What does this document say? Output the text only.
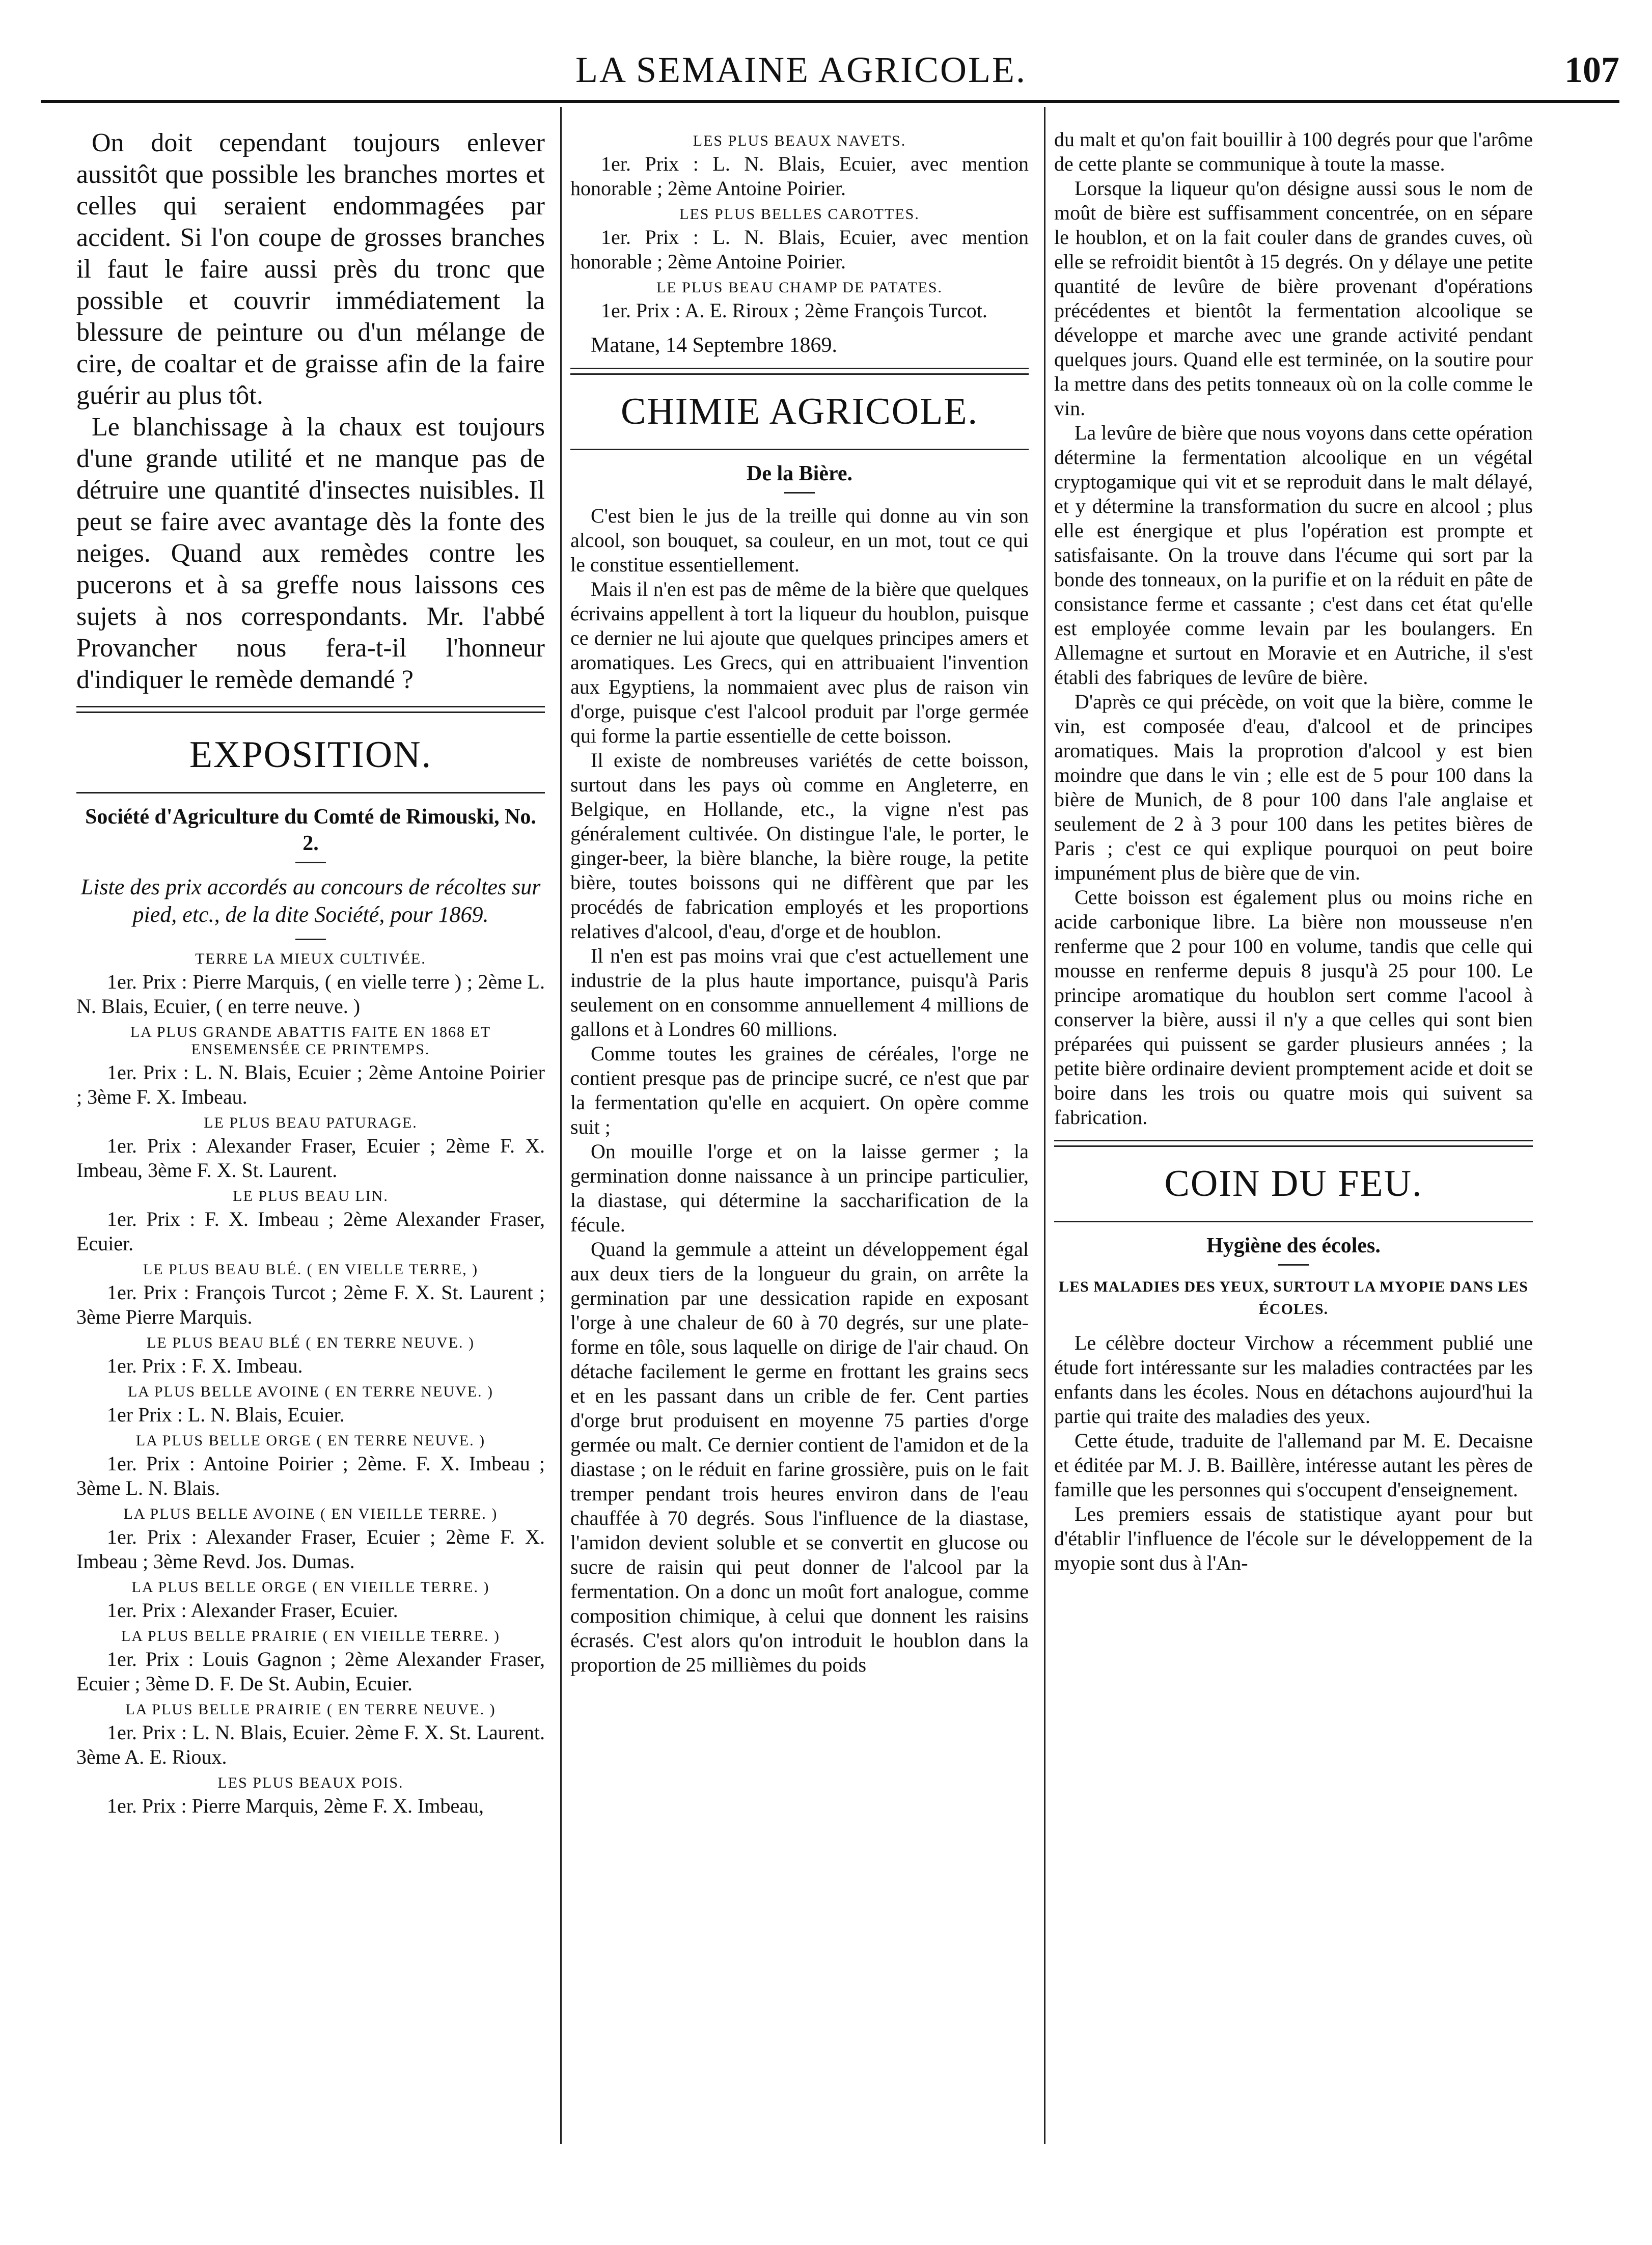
LA SEMAINE AGRICOLE.	107

On doit cependant toujours enlever aussitôt que possible les branches mortes et celles qui seraient endommagées par accident. Si l'on coupe de grosses branches il faut le faire aussi près du tronc que possible et couvrir immédiatement la blessure de peinture ou d'un mélange de cire, de coaltar et de graisse afin de la faire guérir au plus tôt.

Le blanchissage à la chaux est toujours d'une grande utilité et ne manque pas de détruire une quantité d'insectes nuisibles. Il peut se faire avec avantage dès la fonte des neiges. Quand aux remèdes contre les pucerons et à sa greffe nous laissons ces sujets à nos correspondants. Mr. l'abbé Provancher nous fera-t-il l'honneur d'indiquer le remède demandé ?

EXPOSITION.
Société d'Agriculture du Comté de Rimouski, No. 2.
Liste des prix accordés au concours de récoltes sur pied, etc., de la dite Société, pour 1869.
TERRE LA MIEUX CULTIVÉE.

1er. Prix : Pierre Marquis, ( en vielle terre ) ; 2ème L. N. Blais, Ecuier, ( en terre neuve. )

LA PLUS GRANDE ABATTIS FAITE EN 1868 ET ENSEMENSÉE CE PRINTEMPS.

1er. Prix : L. N. Blais, Ecuier ; 2ème Antoine Poirier ; 3ème F. X. Imbeau.

LE PLUS BEAU PATURAGE.

1er. Prix : Alexander Fraser, Ecuier ; 2ème F. X. Imbeau, 3ème F. X. St. Laurent.

LE PLUS BEAU LIN.

1er. Prix : F. X. Imbeau ; 2ème Alexander Fraser, Ecuier.

LE PLUS BEAU BLÉ. ( EN VIELLE TERRE, )

1er. Prix : François Turcot ; 2ème F. X. St. Laurent ; 3ème Pierre Marquis.

LE PLUS BEAU BLÉ ( EN TERRE NEUVE. )

1er. Prix : F. X. Imbeau.

LA PLUS BELLE AVOINE ( EN TERRE NEUVE. )

1er Prix : L. N. Blais, Ecuier.

LA PLUS BELLE ORGE ( EN TERRE NEUVE. )

1er. Prix : Antoine Poirier ; 2ème. F. X. Imbeau ; 3ème L. N. Blais.

LA PLUS BELLE AVOINE ( EN VIEILLE TERRE. )

1er. Prix : Alexander Fraser, Ecuier ; 2ème F. X. Imbeau ; 3ème Revd. Jos. Dumas.

LA PLUS BELLE ORGE ( EN VIEILLE TERRE. )

1er. Prix : Alexander Fraser, Ecuier.

LA PLUS BELLE PRAIRIE ( EN VIEILLE TERRE. )

1er. Prix : Louis Gagnon ; 2ème Alexander Fraser, Ecuier ; 3ème D. F. De St. Aubin, Ecuier.

LA PLUS BELLE PRAIRIE ( EN TERRE NEUVE. )

1er. Prix : L. N. Blais, Ecuier. 2ème F. X. St. Laurent. 3ème A. E. Rioux.

LES PLUS BEAUX POIS.

1er. Prix : Pierre Marquis, 2ème F. X. Imbeau,

LES PLUS BEAUX NAVETS.

1er. Prix : L. N. Blais, Ecuier, avec mention honorable ; 2ème Antoine Poirier.

LES PLUS BELLES CAROTTES.

1er. Prix : L. N. Blais, Ecuier, avec mention honorable ; 2ème Antoine Poirier.

LE PLUS BEAU CHAMP DE PATATES.

1er. Prix : A. E. Riroux ; 2ème François Turcot.

Matane, 14 Septembre 1869.
CHIMIE AGRICOLE.
De la Bière.

C'est bien le jus de la treille qui donne au vin son alcool, son bouquet, sa couleur, en un mot, tout ce qui le constitue essentiellement.

Mais il n'en est pas de même de la bière que quelques écrivains appellent à tort la liqueur du houblon, puisque ce dernier ne lui ajoute que quelques principes amers et aromatiques. Les Grecs, qui en attribuaient l'invention aux Egyptiens, la nommaient avec plus de raison vin d'orge, puisque c'est l'alcool produit par l'orge germée qui forme la partie essentielle de cette boisson.

Il existe de nombreuses variétés de cette boisson, surtout dans les pays où comme en Angleterre, en Belgique, en Hollande, etc., la vigne n'est pas généralement cultivée. On distingue l'ale, le porter, le ginger-beer, la bière blanche, la bière rouge, la petite bière, toutes boissons qui ne diffèrent que par les procédés de fabrication employés et les proportions relatives d'alcool, d'eau, d'orge et de houblon.

Il n'en est pas moins vrai que c'est actuellement une industrie de la plus haute importance, puisqu'à Paris seulement on en consomme annuellement 4 millions de gallons et à Londres 60 millions.

Comme toutes les graines de céréales, l'orge ne contient presque pas de principe sucré, ce n'est que par la fermentation qu'elle en acquiert. On opère comme suit ;

On mouille l'orge et on la laisse germer ; la germination donne naissance à un principe particulier, la diastase, qui détermine la saccharification de la fécule.

Quand la gemmule a atteint un développement égal aux deux tiers de la longueur du grain, on arrête la germination par une dessication rapide en exposant l'orge à une chaleur de 60 à 70 degrés, sur une plate-forme en tôle, sous laquelle on dirige de l'air chaud. On détache facilement le germe en frottant les grains secs et en les passant dans un crible de fer. Cent parties d'orge brut produisent en moyenne 75 parties d'orge germée ou malt. Ce dernier contient de l'amidon et de la diastase ; on le réduit en farine grossière, puis on le fait tremper pendant trois heures environ dans de l'eau chauffée à 70 degrés. Sous l'influence de la diastase, l'amidon devient soluble et se convertit en glucose ou sucre de raisin qui peut donner de l'alcool par la fermentation. On a donc un moût fort analogue, comme composition chimique, à celui que donnent les raisins écrasés. C'est alors qu'on introduit le houblon dans la proportion de 25 millièmes du poids

du malt et qu'on fait bouillir à 100 degrés pour que l'arôme de cette plante se communique à toute la masse.

Lorsque la liqueur qu'on désigne aussi sous le nom de moût de bière est suffisamment concentrée, on en sépare le houblon, et on la fait couler dans de grandes cuves, où elle se refroidit bientôt à 15 degrés. On y délaye une petite quantité de levûre de bière provenant d'opérations précédentes et bientôt la fermentation alcoolique se développe et marche avec une grande activité pendant quelques jours. Quand elle est terminée, on la soutire pour la mettre dans des petits tonneaux où on la colle comme le vin.

La levûre de bière que nous voyons dans cette opération détermine la fermentation alcoolique en un végétal cryptogamique qui vit et se reproduit dans le malt délayé, et y détermine la transformation du sucre en alcool ; plus elle est énergique et plus l'opération est prompte et satisfaisante. On la trouve dans l'écume qui sort par la bonde des tonneaux, on la purifie et on la réduit en pâte de consistance ferme et cassante ; c'est dans cet état qu'elle est employée comme levain par les boulangers. En Allemagne et surtout en Moravie et en Autriche, il s'est établi des fabriques de levûre de bière.

D'après ce qui précède, on voit que la bière, comme le vin, est composée d'eau, d'alcool et de principes aromatiques. Mais la proprotion d'alcool y est bien moindre que dans le vin ; elle est de 5 pour 100 dans la bière de Munich, de 8 pour 100 dans l'ale anglaise et seulement de 2 à 3 pour 100 dans les petites bières de Paris ; c'est ce qui explique pourquoi on peut boire impunément plus de bière que de vin.

Cette boisson est également plus ou moins riche en acide carbonique libre. La bière non mousseuse n'en renferme que 2 pour 100 en volume, tandis que celle qui mousse en renferme depuis 8 jusqu'à 25 pour 100. Le principe aromatique du houblon sert comme l'acool à conserver la bière, aussi il n'y a que celles qui sont bien préparées qui puissent se garder plusieurs années ; la petite bière ordinaire devient promptement acide et doit se boire dans les trois ou quatre mois qui suivent sa fabrication.

COIN DU FEU.
Hygiène des écoles.
LES MALADIES DES YEUX, SURTOUT LA MYOPIE DANS LES ÉCOLES.

Le célèbre docteur Virchow a récemment publié une étude fort intéressante sur les maladies contractées par les enfants dans les écoles. Nous en détachons aujourd'hui la partie qui traite des maladies des yeux.

Cette étude, traduite de l'allemand par M. E. Decaisne et éditée par M. J. B. Baillère, intéresse autant les pères de famille que les personnes qui s'occupent d'enseignement.

Les premiers essais de statistique ayant pour but d'établir l'influence de l'école sur le développement de la myopie sont dus à l'An-
